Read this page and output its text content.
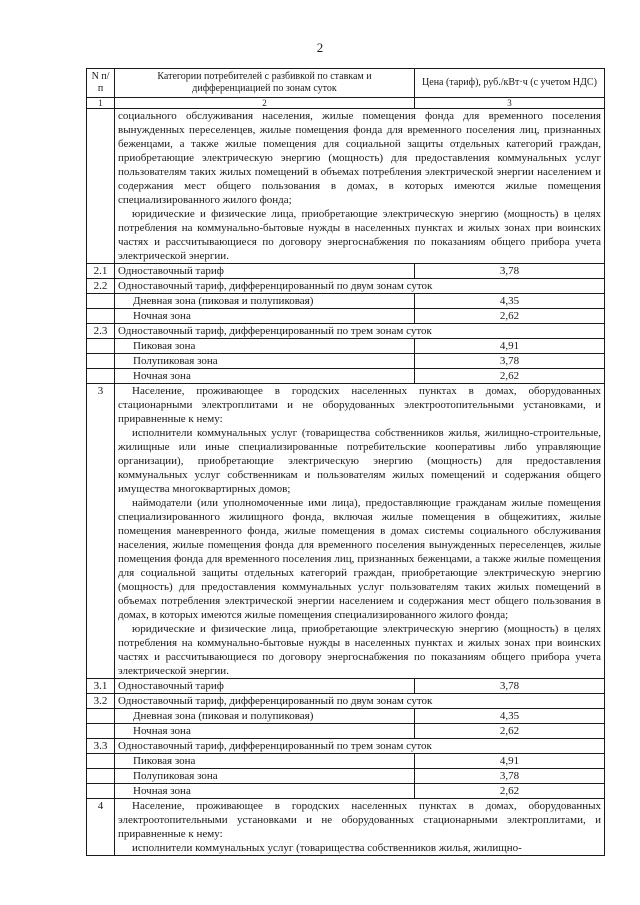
2
N п/п	Категории потребителей с разбивкой по ставкам и дифференциацией по зонам суток	Цена (тариф), руб./кВт·ч (с учетом НДС)
1	2	3

	социального обслуживания населения, жилые помещения фонда для временного поселения вынужденных переселенцев, жилые помещения фонда для временного поселения лиц, признанных беженцами, а также жилые помещения для социальной защиты отдельных категорий граждан, приобретающие электрическую энергию (мощность) для предоставления коммунальных услуг пользователям таких жилых помещений в объемах потребления электрической энергии населением и содержания мест общего пользования в домах, в которых имеются жилые помещения специализированного жилого фонда;

юридические и физические лица, приобретающие электрическую энергию (мощность) в целях потребления на коммунально-бытовые нужды в населенных пунктах и жилых зонах при воинских частях и рассчитывающиеся по договору энергоснабжения по показаниям общего прибора учета электрической энергии.	

2.1	Одноставочный тариф	3,78
2.2	Одноставочный тариф, дифференцированный по двум зонам суток	
	Дневная зона (пиковая и полупиковая)	4,35
	Ночная зона	2,62
2.3	Одноставочный тариф, дифференцированный по трем зонам суток	
	Пиковая зона	4,91
	Полупиковая зона	3,78
	Ночная зона	2,62
3	Население, проживающее в городских населенных пунктах в домах, оборудованных стационарными электроплитами и не оборудованных электроотопительными установками, и приравненные к нему:

исполнители коммунальных услуг (товарищества собственников жилья, жилищно-строительные, жилищные или иные специализированные потребительские кооперативы либо управляющие организации), приобретающие электрическую энергию (мощность) для предоставления коммунальных услуг собственникам и пользователям жилых помещений и содержания общего имущества многоквартирных домов;

наймодатели (или уполномоченные ими лица), предоставляющие гражданам жилые помещения специализированного жилищного фонда, включая жилые помещения в общежитиях, жилые помещения маневренного фонда, жилые помещения в домах системы социального обслуживания населения, жилые помещения фонда для временного поселения вынужденных переселенцев, жилые помещения фонда для временного поселения лиц, признанных беженцами, а также жилые помещения для социальной защиты отдельных категорий граждан, приобретающие электрическую энергию (мощность) для предоставления коммунальных услуг пользователям таких жилых помещений в объемах потребления электрической энергии населением и содержания мест общего пользования в домах, в которых имеются жилые помещения специализированного жилого фонда;

юридические и физические лица, приобретающие электрическую энергию (мощность) в целях потребления на коммунально-бытовые нужды в населенных пунктах и жилых зонах при воинских частях и рассчитывающиеся по договору энергоснабжения по показаниям общего прибора учета электрической энергии.	

3.1	Одноставочный тариф	3,78
3.2	Одноставочный тариф, дифференцированный по двум зонам суток	
	Дневная зона (пиковая и полупиковая)	4,35
	Ночная зона	2,62
3.3	Одноставочный тариф, дифференцированный по трем зонам суток	
	Пиковая зона	4,91
	Полупиковая зона	3,78
	Ночная зона	2,62
4	Население, проживающее в городских населенных пунктах в домах, оборудованных электроотопительными установками и не оборудованных стационарными электроплитами, и приравненные к нему:

исполнители коммунальных услуг (товарищества собственников жилья, жилищно-	
